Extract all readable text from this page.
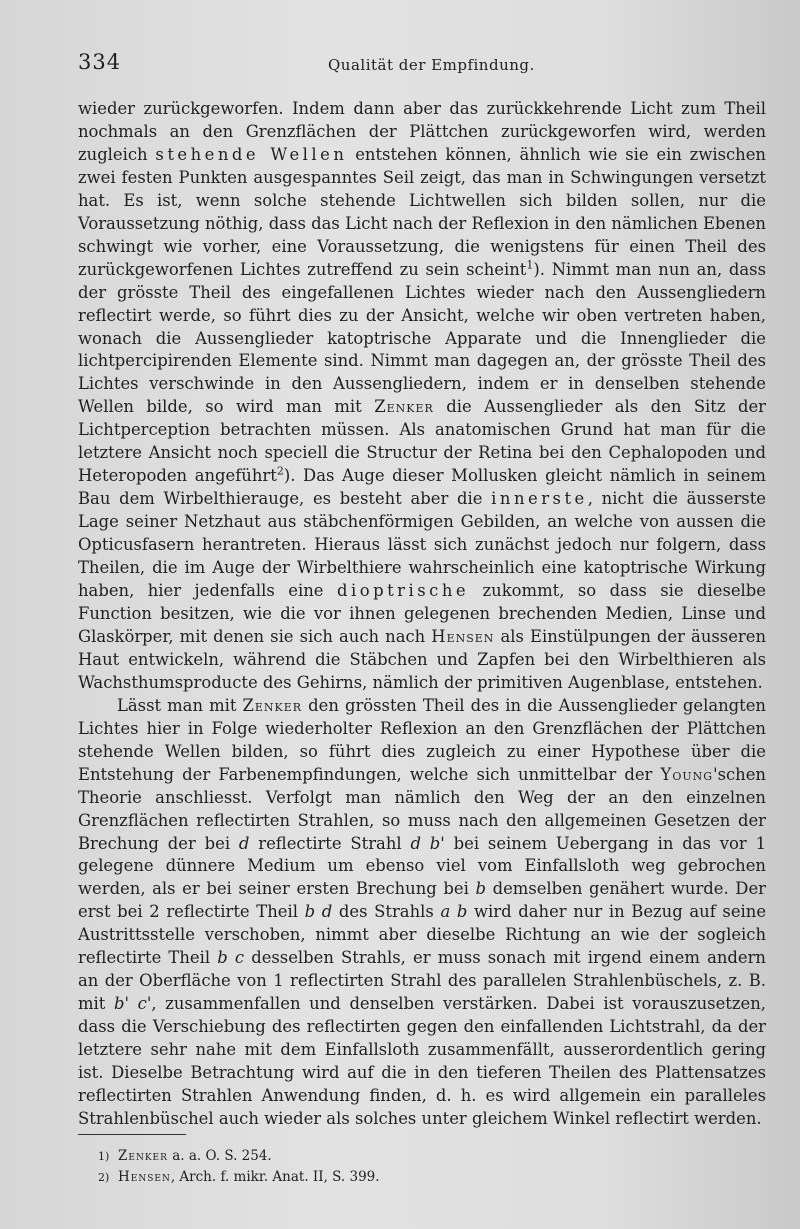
334	Qualität der Empfindung.

wieder zurückgeworfen. Indem dann aber das zurückkehrende Licht zum Theil nochmals an den Grenzflächen der Plättchen zurückgeworfen wird, werden zugleich stehende Wellen entstehen können, ähnlich wie sie ein zwischen zwei festen Punkten ausgespanntes Seil zeigt, das man in Schwingungen versetzt hat. Es ist, wenn solche stehende Lichtwellen sich bilden sollen, nur die Voraussetzung nöthig, dass das Licht nach der Reflexion in den nämlichen Ebenen schwingt wie vorher, eine Voraussetzung, die wenigstens für einen Theil des zurückgeworfenen Lichtes zutreffend zu sein scheint$^1$). Nimmt man nun an, dass der grösste Theil des eingefallenen Lichtes wieder nach den Aussengliedern reflectirt werde, so führt dies zu der Ansicht, welche wir oben vertreten haben, wonach die Aussenglieder katoptrische Apparate und die Innenglieder die lichtpercipirenden Elemente sind. Nimmt man dagegen an, der grösste Theil des Lichtes verschwinde in den Aussengliedern, indem er in denselben stehende Wellen bilde, so wird man mit Zenker die Aussenglieder als den Sitz der Lichtperception betrachten müssen. Als anatomischen Grund hat man für die letztere Ansicht noch speciell die Structur der Retina bei den Cephalopoden und Heteropoden angeführt$^2$). Das Auge dieser Mollusken gleicht nämlich in seinem Bau dem Wirbelthierauge, es besteht aber die innerste, nicht die äusserste Lage seiner Netzhaut aus stäbchenförmigen Gebilden, an welche von aussen die Opticusfasern herantreten. Hieraus lässt sich zunächst jedoch nur folgern, dass Theilen, die im Auge der Wirbelthiere wahrscheinlich eine katoptrische Wirkung haben, hier jedenfalls eine dioptrische zukommt, so dass sie dieselbe Function besitzen, wie die vor ihnen gelegenen brechenden Medien, Linse und Glaskörper, mit denen sie sich auch nach Hensen als Einstülpungen der äusseren Haut entwickeln, während die Stäbchen und Zapfen bei den Wirbelthieren als Wachsthumsproducte des Gehirns, nämlich der primitiven Augenblase, entstehen.

Lässt man mit Zenker den grössten Theil des in die Aussenglieder gelangten Lichtes hier in Folge wiederholter Reflexion an den Grenzflächen der Plättchen stehende Wellen bilden, so führt dies zugleich zu einer Hypothese über die Entstehung der Farbenempfindungen, welche sich unmittelbar der Young'schen Theorie anschliesst. Verfolgt man nämlich den Weg der an den einzelnen Grenzflächen reflectirten Strahlen, so muss nach den allgemeinen Gesetzen der Brechung der bei d reflectirte Strahl d b' bei seinem Uebergang in das vor 1 gelegene dünnere Medium um ebenso viel vom Einfallsloth weg gebrochen werden, als er bei seiner ersten Brechung bei b demselben genähert wurde. Der erst bei 2 reflectirte Theil b d des Strahls a b wird daher nur in Bezug auf seine Austrittsstelle verschoben, nimmt aber dieselbe Richtung an wie der sogleich reflectirte Theil b c desselben Strahls, er muss sonach mit irgend einem andern an der Oberfläche von 1 reflectirten Strahl des parallelen Strahlenbüschels, z. B. mit b' c', zusammenfallen und denselben verstärken. Dabei ist vorauszusetzen, dass die Verschiebung des reflectirten gegen den einfallenden Lichtstrahl, da der letztere sehr nahe mit dem Einfallsloth zusammenfällt, ausserordentlich gering ist. Dieselbe Betrachtung wird auf die in den tieferen Theilen des Plattensatzes reflectirten Strahlen Anwendung finden, d. h. es wird allgemein ein paralleles Strahlenbüschel auch wieder als solches unter gleichem Winkel reflectirt werden.

1) Zenker a. a. O. S. 254.
2) Hensen, Arch. f. mikr. Anat. II, S. 399.
